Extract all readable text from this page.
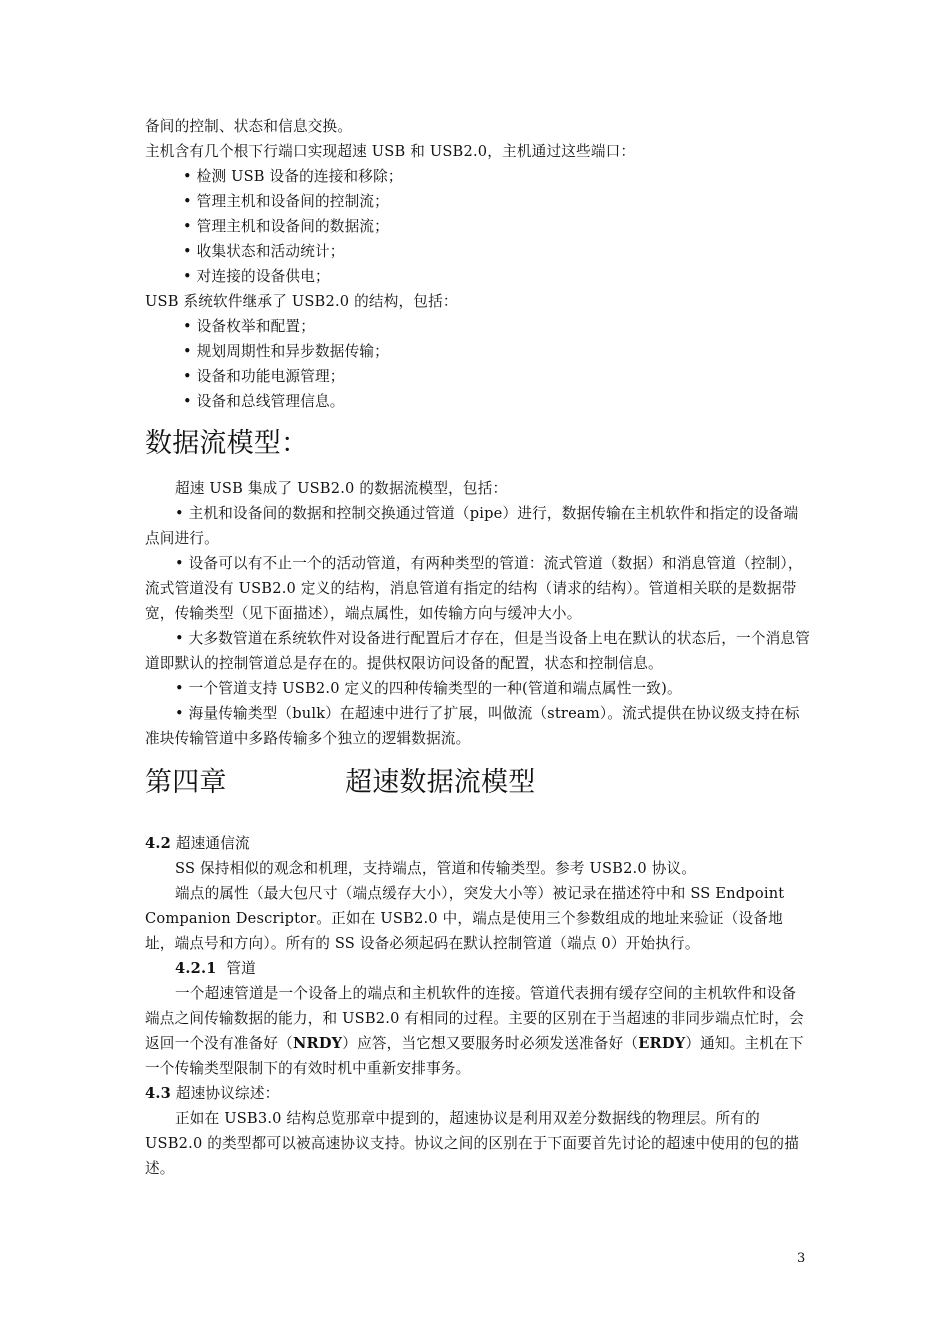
备间的控制、状态和信息交换。

主机含有几个根下行端口实现超速 USB 和 USB2.0，主机通过这些端口：

• 检测 USB 设备的连接和移除；

• 管理主机和设备间的控制流；

• 管理主机和设备间的数据流；

• 收集状态和活动统计；

• 对连接的设备供电；

USB 系统软件继承了 USB2.0 的结构，包括：

• 设备枚举和配置；

• 规划周期性和异步数据传输；

• 设备和功能电源管理；

• 设备和总线管理信息。

数据流模型：

超速 USB 集成了 USB2.0 的数据流模型，包括：

• 主机和设备间的数据和控制交换通过管道（pipe）进行，数据传输在主机软件和指定的设备端点间进行。

• 设备可以有不止一个的活动管道，有两种类型的管道：流式管道（数据）和消息管道（控制），流式管道没有 USB2.0 定义的结构，消息管道有指定的结构（请求的结构）。管道相关联的是数据带宽，传输类型（见下面描述），端点属性，如传输方向与缓冲大小。

• 大多数管道在系统软件对设备进行配置后才存在，但是当设备上电在默认的状态后，一个消息管道即默认的控制管道总是存在的。提供权限访问设备的配置，状态和控制信息。

• 一个管道支持 USB2.0 定义的四种传输类型的一种(管道和端点属性一致)。

• 海量传输类型（bulk）在超速中进行了扩展，叫做流（stream）。流式提供在协议级支持在标准块传输管道中多路传输多个独立的逻辑数据流。

第四章	超速数据流模型

4.2 超速通信流

SS 保持相似的观念和机理，支持端点，管道和传输类型。参考 USB2.0 协议。

端点的属性（最大包尺寸（端点缓存大小），突发大小等）被记录在描述符中和 SS Endpoint Companion Descriptor。正如在 USB2.0 中，端点是使用三个参数组成的地址来验证（设备地址，端点号和方向）。所有的 SS 设备必须起码在默认控制管道（端点 0）开始执行。

4.2.1 管道

一个超速管道是一个设备上的端点和主机软件的连接。管道代表拥有缓存空间的主机软件和设备端点之间传输数据的能力，和 USB2.0 有相同的过程。主要的区别在于当超速的非同步端点忙时，会返回一个没有准备好（NRDY）应答，当它想又要服务时必须发送准备好（ERDY）通知。主机在下一个传输类型限制下的有效时机中重新安排事务。

4.3 超速协议综述：

正如在 USB3.0 结构总览那章中提到的，超速协议是利用双差分数据线的物理层。所有的 USB2.0 的类型都可以被高速协议支持。协议之间的区别在于下面要首先讨论的超速中使用的包的描述。

3
